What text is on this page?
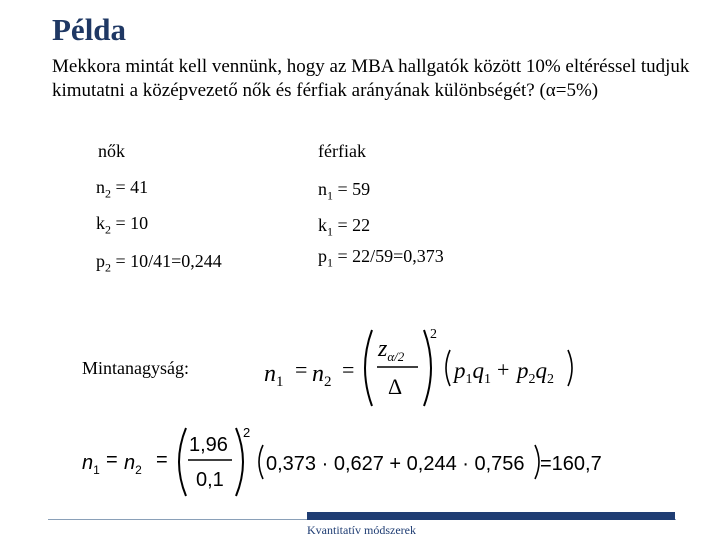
Példa
Mekkora mintát kell vennünk, hogy az MBA hallgatók között 10% eltéréssel tudjuk kimutatni a középvezető nők és férfiak arányának különbségét? (α=5%)
nők	férfiak
$n_2 = 41$	$n_1 = 59$
$k_2 = 10$	$k_1 = 22$
$p_2 = 10/41=0,244$	$p_1 = 22/59=0,373$
Mintanagyság:	$n_1 = n_2$ =
$z_{\alpha/2}$
Δ
2
$p_1q_1 + p_2q_2$
$n_1 = n_2$ =
1,96
0,1
2
0,373 · 0,627 + 0,244 · 0,756 =160,7
Kvantitatív módszerek
